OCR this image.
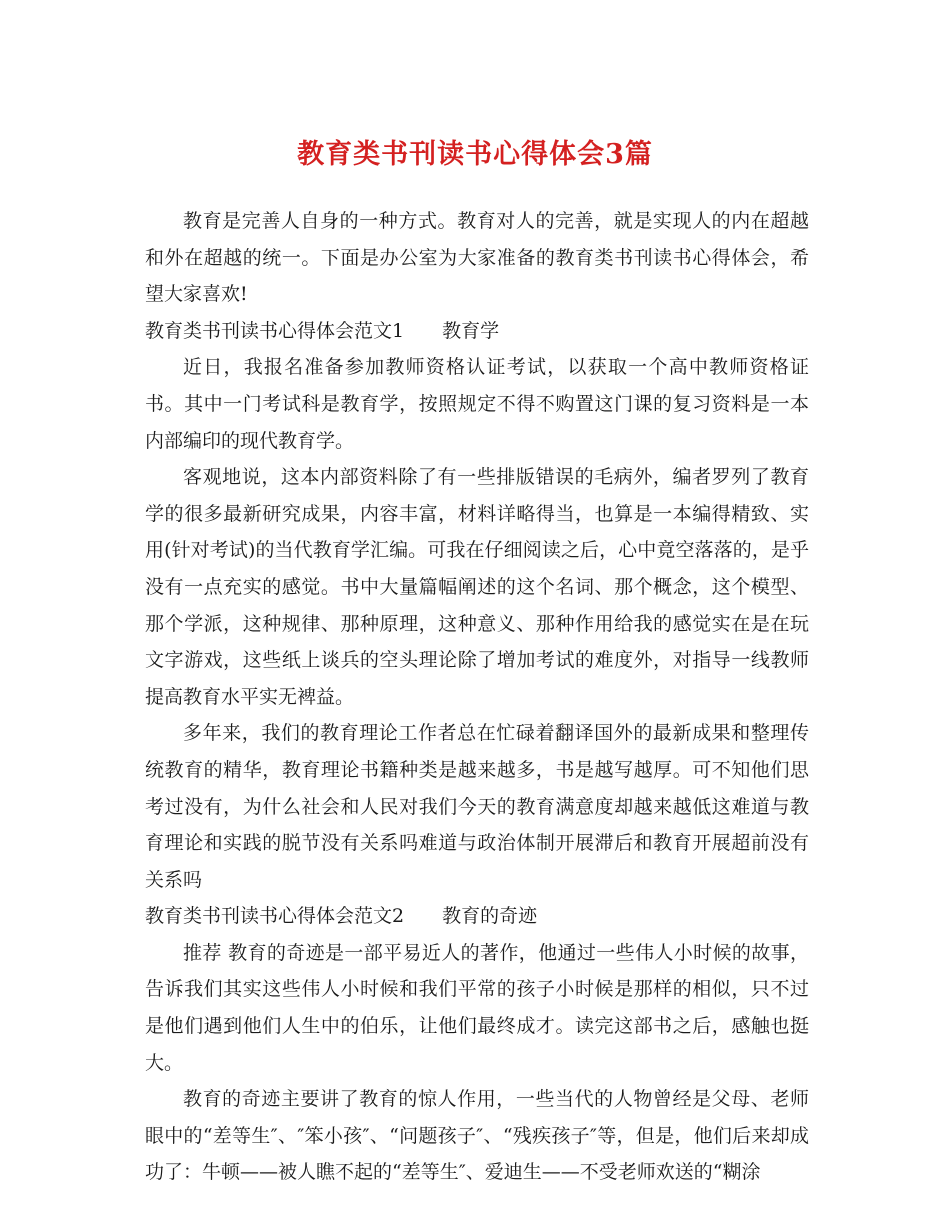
教育类书刊读书心得体会3篇

教育是完善人自身的一种方式。教育对人的完善，就是实现人的内在超越和外在超越的统一。下面是办公室为大家准备的教育类书刊读书心得体会，希望大家喜欢!

教育类书刊读书心得体会范文1 教育学

近日，我报名准备参加教师资格认证考试，以获取一个高中教师资格证书。其中一门考试科是教育学，按照规定不得不购置这门课的复习资料是一本内部编印的现代教育学。

客观地说，这本内部资料除了有一些排版错误的毛病外，编者罗列了教育学的很多最新研究成果，内容丰富，材料详略得当，也算是一本编得精致、实用(针对考试)的当代教育学汇编。可我在仔细阅读之后，心中竟空落落的，是乎没有一点充实的感觉。书中大量篇幅阐述的这个名词、那个概念，这个模型、那个学派，这种规律、那种原理，这种意义、那种作用给我的感觉实在是在玩文字游戏，这些纸上谈兵的空头理论除了增加考试的难度外，对指导一线教师提高教育水平实无裨益。

多年来，我们的教育理论工作者总在忙碌着翻译国外的最新成果和整理传统教育的精华，教育理论书籍种类是越来越多，书是越写越厚。可不知他们思考过没有，为什么社会和人民对我们今天的教育满意度却越来越低这难道与教育理论和实践的脱节没有关系吗难道与政治体制开展滞后和教育开展超前没有关系吗

教育类书刊读书心得体会范文2 教育的奇迹

推荐 教育的奇迹是一部平易近人的著作，他通过一些伟人小时候的故事，告诉我们其实这些伟人小时候和我们平常的孩子小时候是那样的相似，只不过是他们遇到他们人生中的伯乐，让他们最终成才。读完这部书之后，感触也挺大。

教育的奇迹主要讲了教育的惊人作用，一些当代的人物曾经是父母、老师眼中的“差等生″、″笨小孩″、“问题孩子″、“残疾孩子″等，但是，他们后来却成功了：牛顿——被人瞧不起的“差等生″、爱迪生——不受老师欢送的“糊涂
